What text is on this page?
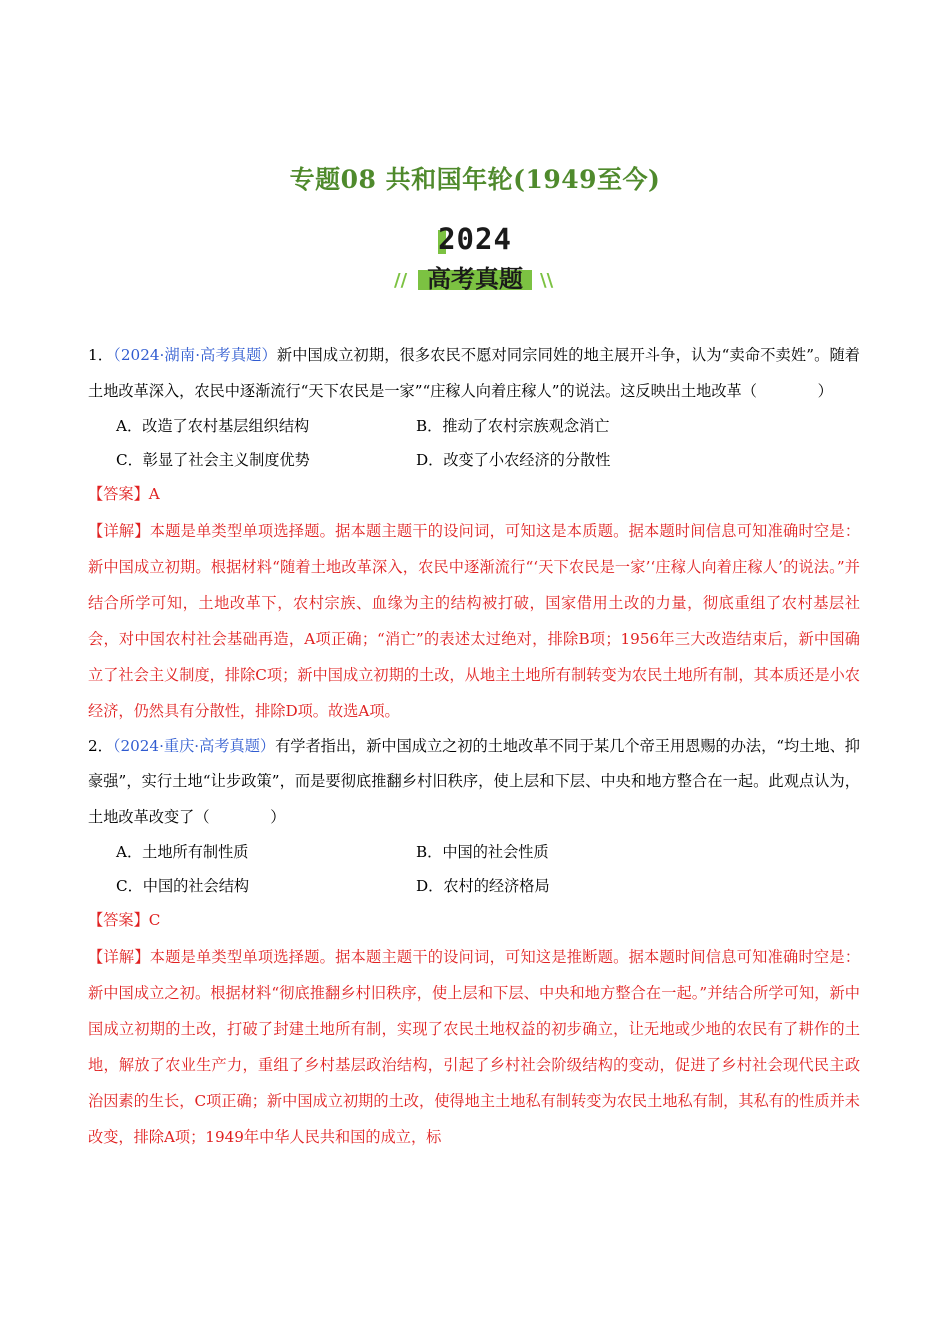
专题08 共和国年轮(1949至今)
2024
// 高考真题 \\

1．（2024·湖南·高考真题）新中国成立初期，很多农民不愿对同宗同姓的地主展开斗争，认为“卖命不卖姓”。随着土地改革深入，农民中逐渐流行“天下农民是一家”“庄稼人向着庄稼人”的说法。这反映出土地改革（　　　　）

A．改造了农村基层组织结构	B．推动了农村宗族观念消亡
C．彰显了社会主义制度优势	D．改变了小农经济的分散性

【答案】A

【详解】本题是单类型单项选择题。据本题主题干的设问词，可知这是本质题。据本题时间信息可知准确时空是：新中国成立初期。根据材料“随着土地改革深入，农民中逐渐流行“‘天下农民是一家’‘庄稼人向着庄稼人’的说法。”并结合所学可知，土地改革下，农村宗族、血缘为主的结构被打破，国家借用土改的力量，彻底重组了农村基层社会，对中国农村社会基础再造，A项正确；“消亡”的表述太过绝对，排除B项；1956年三大改造结束后，新中国确立了社会主义制度，排除C项；新中国成立初期的土改，从地主土地所有制转变为农民土地所有制，其本质还是小农经济，仍然具有分散性，排除D项。故选A项。

2．（2024·重庆·高考真题）有学者指出，新中国成立之初的土地改革不同于某几个帝王用恩赐的办法，“均土地、抑豪强”，实行土地“让步政策”，而是要彻底推翻乡村旧秩序，使上层和下层、中央和地方整合在一起。此观点认为，土地改革改变了（　　　　）

A．土地所有制性质	B．中国的社会性质
C．中国的社会结构	D．农村的经济格局

【答案】C

【详解】本题是单类型单项选择题。据本题主题干的设问词，可知这是推断题。据本题时间信息可知准确时空是：新中国成立之初。根据材料“彻底推翻乡村旧秩序，使上层和下层、中央和地方整合在一起。”并结合所学可知，新中国成立初期的土改，打破了封建土地所有制，实现了农民土地权益的初步确立，让无地或少地的农民有了耕作的土地，解放了农业生产力，重组了乡村基层政治结构，引起了乡村社会阶级结构的变动，促进了乡村社会现代民主政治因素的生长，C项正确；新中国成立初期的土改，使得地主土地私有制转变为农民土地私有制，其私有的性质并未改变，排除A项；1949年中华人民共和国的成立，标
